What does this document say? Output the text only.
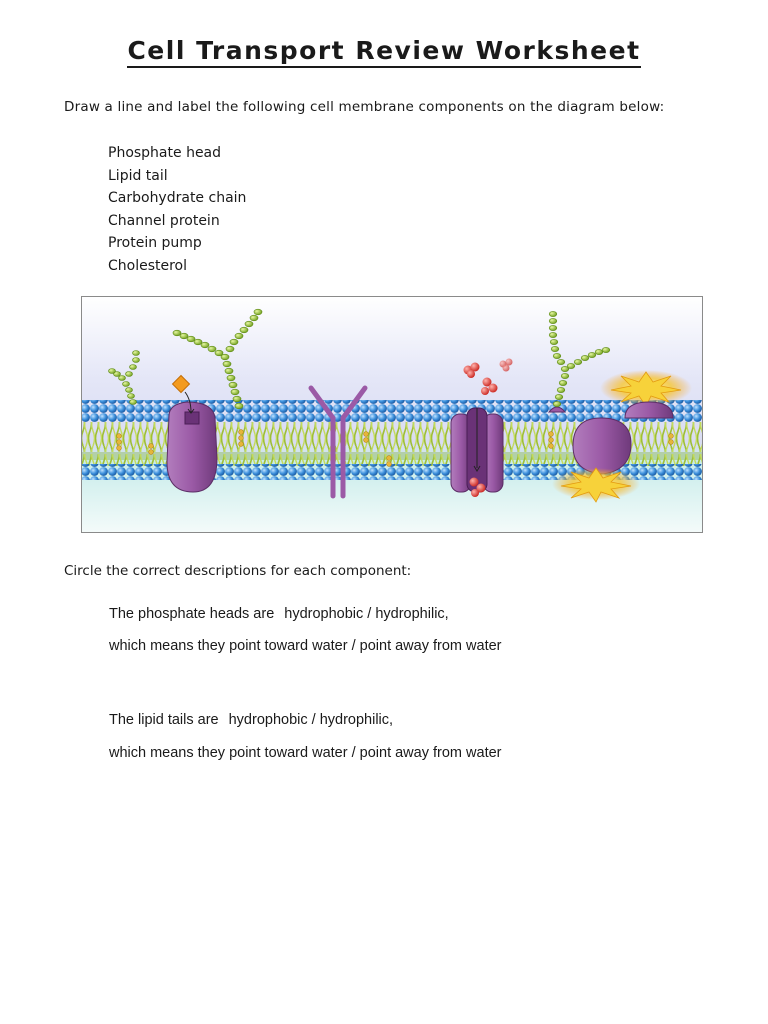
Cell Transport Review Worksheet
Draw a line and label the following cell membrane components on the diagram below:
Phosphate head
Lipid tail
Carbohydrate chain
Channel protein
Protein pump
Cholesterol
Circle the correct descriptions for each component:
The phosphate heads are hydrophobic / hydrophilic,
which means they point toward water / point away from water
The lipid tails are hydrophobic / hydrophilic,
which means they point toward water / point away from water
